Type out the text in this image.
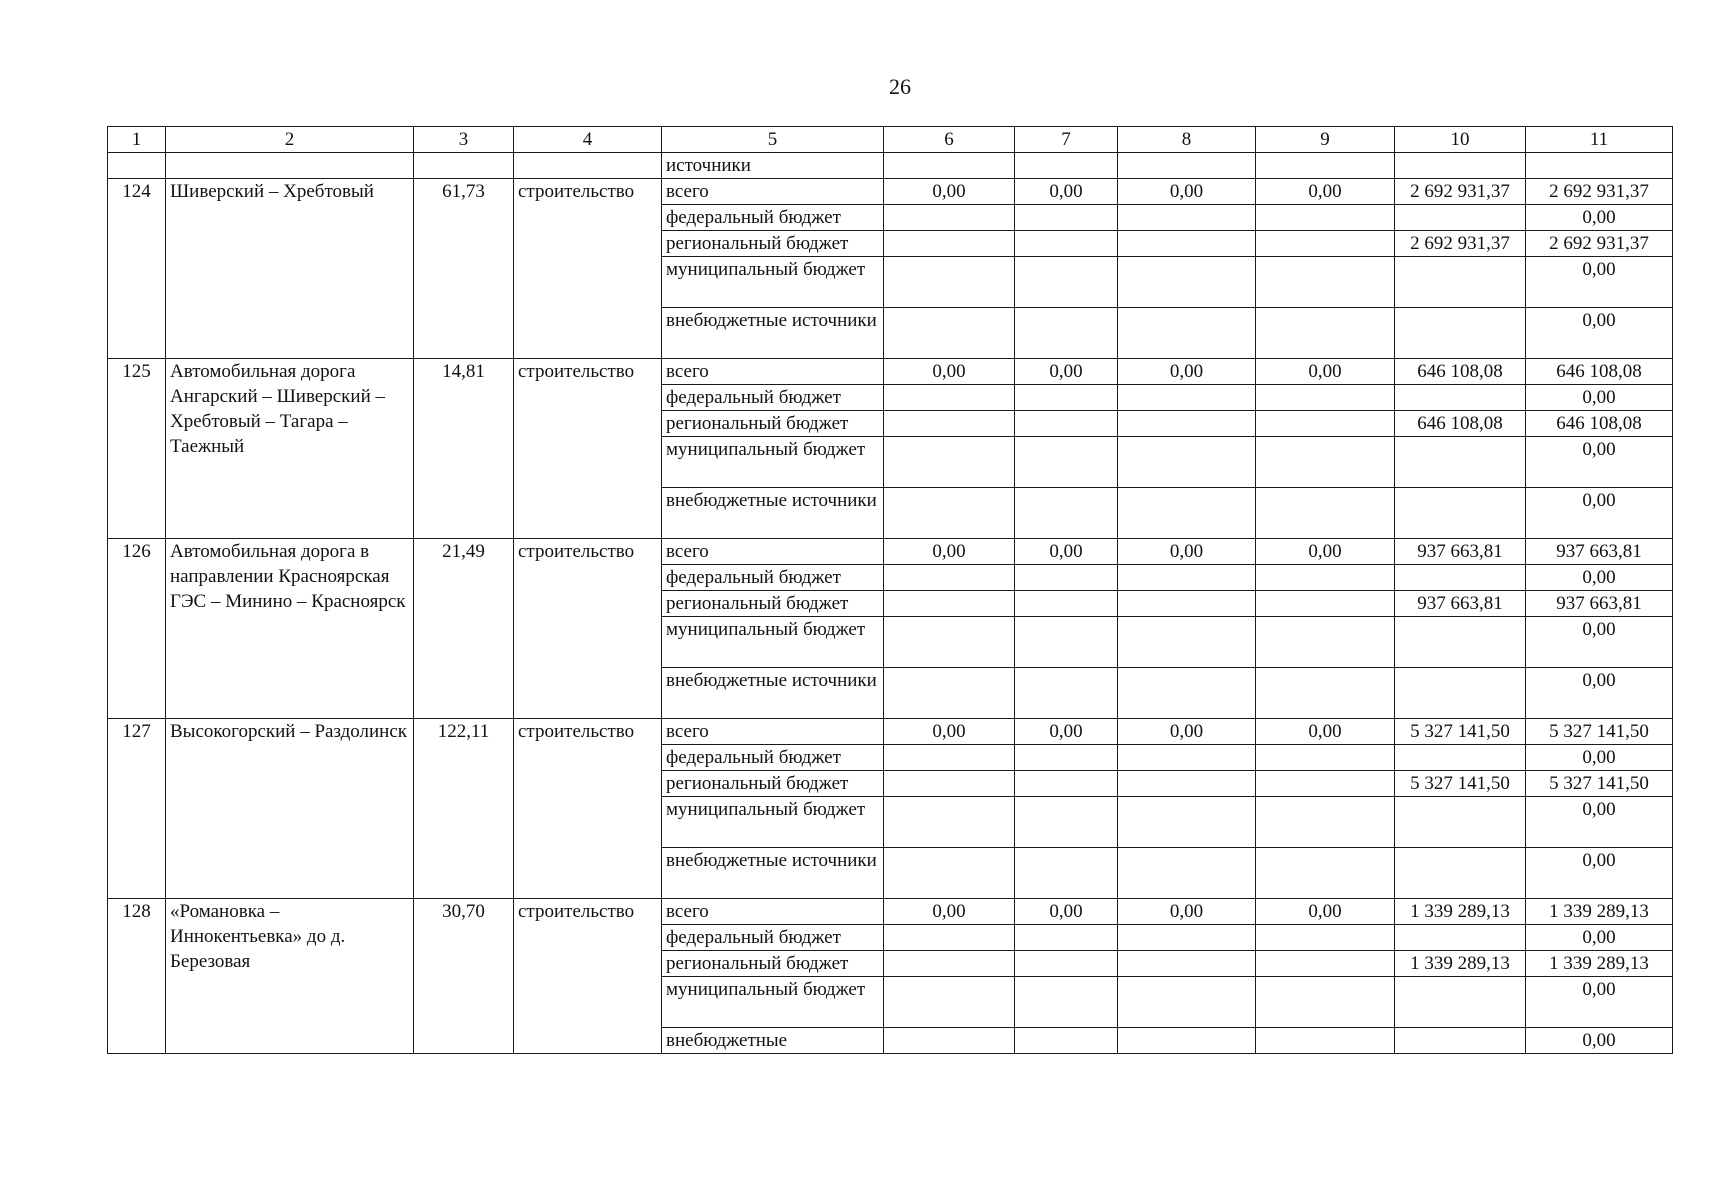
26
1	2	3	4	5	6	7	8	9	10	11
				источники						
124	Шиверский – Хребтовый	61,73	строительство	всего	0,00	0,00	0,00	0,00	2 692 931,37	2 692 931,37
				федеральный бюджет						0,00
				региональный бюджет					2 692 931,37	2 692 931,37
				муниципальный бюджет						0,00
				внебюджетные источники						0,00
125	Автомобильная дорога Ангарский – Шиверский – Хребтовый – Тагара – Таежный	14,81	строительство	всего	0,00	0,00	0,00	0,00	646 108,08	646 108,08
				федеральный бюджет						0,00
				региональный бюджет					646 108,08	646 108,08
				муниципальный бюджет						0,00
				внебюджетные источники						0,00
126	Автомобильная дорога в направлении Красноярская ГЭС – Минино – Красноярск	21,49	строительство	всего	0,00	0,00	0,00	0,00	937 663,81	937 663,81
				федеральный бюджет						0,00
				региональный бюджет					937 663,81	937 663,81
				муниципальный бюджет						0,00
				внебюджетные источники						0,00
127	Высокогорский – Раздолинск	122,11	строительство	всего	0,00	0,00	0,00	0,00	5 327 141,50	5 327 141,50
				федеральный бюджет						0,00
				региональный бюджет					5 327 141,50	5 327 141,50
				муниципальный бюджет						0,00
				внебюджетные источники						0,00
128	«Романовка – Иннокентьевка» до д. Березовая	30,70	строительство	всего	0,00	0,00	0,00	0,00	1 339 289,13	1 339 289,13
				федеральный бюджет						0,00
				региональный бюджет					1 339 289,13	1 339 289,13
				муниципальный бюджет						0,00
				внебюджетные						0,00
